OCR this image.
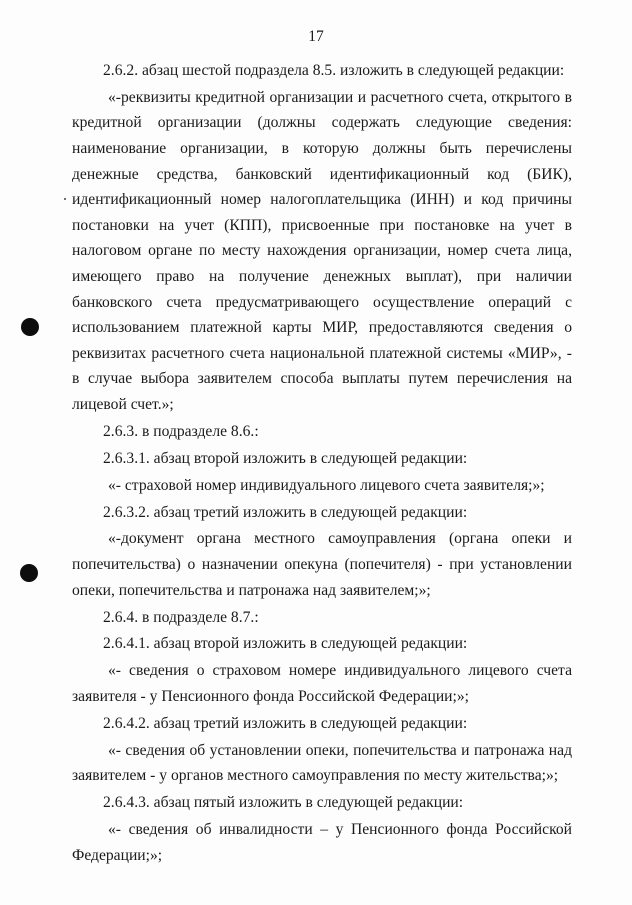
17

2.6.2. абзац шестой подраздела 8.5. изложить в следующей редакции:

«-реквизиты кредитной организации и расчетного счета, открытого в кредитной организации (должны содержать следующие сведения: наименование организации, в которую должны быть перечислены денежные средства, банковский идентификационный код (БИК), идентификационный номер налогоплательщика (ИНН) и код причины постановки на учет (КПП), присвоенные при постановке на учет в налоговом органе по месту нахождения организации, номер счета лица, имеющего право на получение денежных выплат), при наличии банковского счета предусматривающего осуществление операций с использованием платежной карты МИР, предоставляются сведения о реквизитах расчетного счета национальной платежной системы «МИР», - в случае выбора заявителем способа выплаты путем перечисления на лицевой счет.»;

2.6.3. в подразделе 8.6.:

2.6.3.1. абзац второй изложить в следующей редакции:

«- страховой номер индивидуального лицевого счета заявителя;»;

2.6.3.2. абзац третий изложить в следующей редакции:

«-документ органа местного самоуправления (органа опеки и попечительства) о назначении опекуна (попечителя) - при установлении опеки, попечительства и патронажа над заявителем;»;

2.6.4. в подразделе 8.7.:

2.6.4.1. абзац второй изложить в следующей редакции:

«- сведения о страховом номере индивидуального лицевого счета заявителя - у Пенсионного фонда Российской Федерации;»;

2.6.4.2. абзац третий изложить в следующей редакции:

«- сведения об установлении опеки, попечительства и патронажа над заявителем - у органов местного самоуправления по месту жительства;»;

2.6.4.3. абзац пятый изложить в следующей редакции:

«- сведения об инвалидности – у Пенсионного фонда Российской Федерации;»;
